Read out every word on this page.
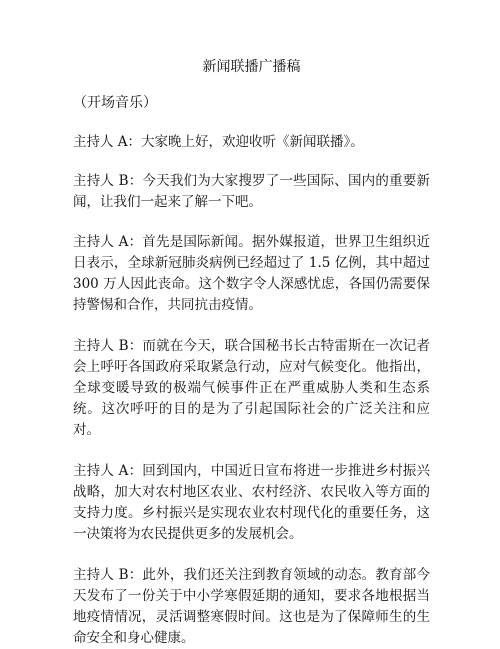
新闻联播广播稿

（开场音乐）

主持人 A：大家晚上好，欢迎收听《新闻联播》。

主持人 B：今天我们为大家搜罗了一些国际、国内的重要新闻，让我们一起来了解一下吧。

主持人 A：首先是国际新闻。据外媒报道，世界卫生组织近日表示，全球新冠肺炎病例已经超过了 1.5 亿例，其中超过 300 万人因此丧命。这个数字令人深感忧虑，各国仍需要保持警惕和合作，共同抗击疫情。

主持人 B：而就在今天，联合国秘书长古特雷斯在一次记者会上呼吁各国政府采取紧急行动，应对气候变化。他指出，全球变暖导致的极端气候事件正在严重威胁人类和生态系统。这次呼吁的目的是为了引起国际社会的广泛关注和应对。

主持人 A：回到国内，中国近日宣布将进一步推进乡村振兴战略，加大对农村地区农业、农村经济、农民收入等方面的支持力度。乡村振兴是实现农业农村现代化的重要任务，这一决策将为农民提供更多的发展机会。

主持人 B：此外，我们还关注到教育领域的动态。教育部今天发布了一份关于中小学寒假延期的通知，要求各地根据当地疫情情况，灵活调整寒假时间。这也是为了保障师生的生命安全和身心健康。
